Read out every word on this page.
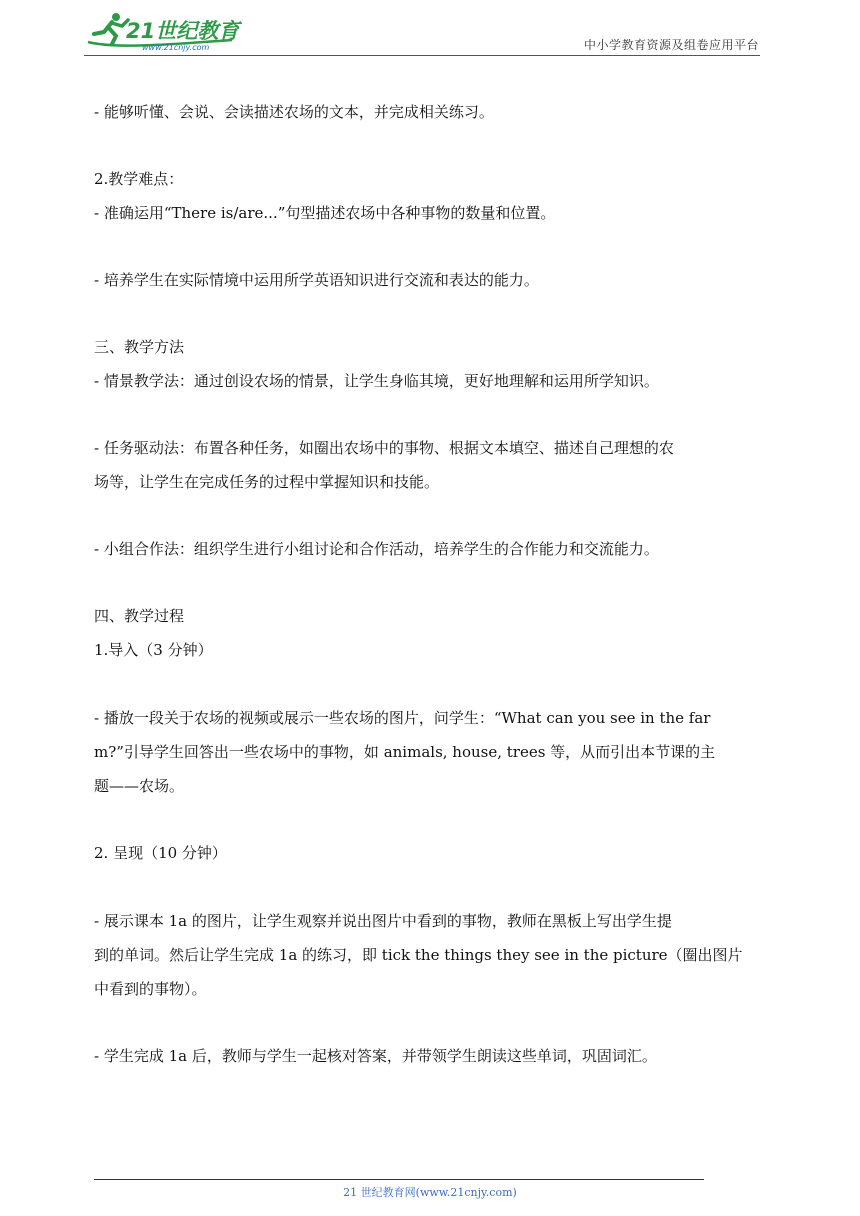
21世纪教育
www.21cnjy.com	中小学教育资源及组卷应用平台
- 能够听懂、会说、会读描述农场的文本，并完成相关练习。
2.教学难点：
- 准确运用“There is/are...”句型描述农场中各种事物的数量和位置。
- 培养学生在实际情境中运用所学英语知识进行交流和表达的能力。
三、教学方法
- 情景教学法：通过创设农场的情景，让学生身临其境，更好地理解和运用所学知识。
- 任务驱动法：布置各种任务，如圈出农场中的事物、根据文本填空、描述自己理想的农
场等，让学生在完成任务的过程中掌握知识和技能。
- 小组合作法：组织学生进行小组讨论和合作活动，培养学生的合作能力和交流能力。
四、教学过程
1.导入（3 分钟）
- 播放一段关于农场的视频或展示一些农场的图片，问学生：“What can you see in the far
m?”引导学生回答出一些农场中的事物，如 animals, house, trees 等，从而引出本节课的主
题——农场。
2. 呈现（10 分钟）
- 展示课本 1a 的图片，让学生观察并说出图片中看到的事物，教师在黑板上写出学生提
到的单词。然后让学生完成 1a 的练习，即 tick the things they see in the picture（圈出图片
中看到的事物）。
- 学生完成 1a 后，教师与学生一起核对答案，并带领学生朗读这些单词，巩固词汇。
21 世纪教育网(www.21cnjy.com)
